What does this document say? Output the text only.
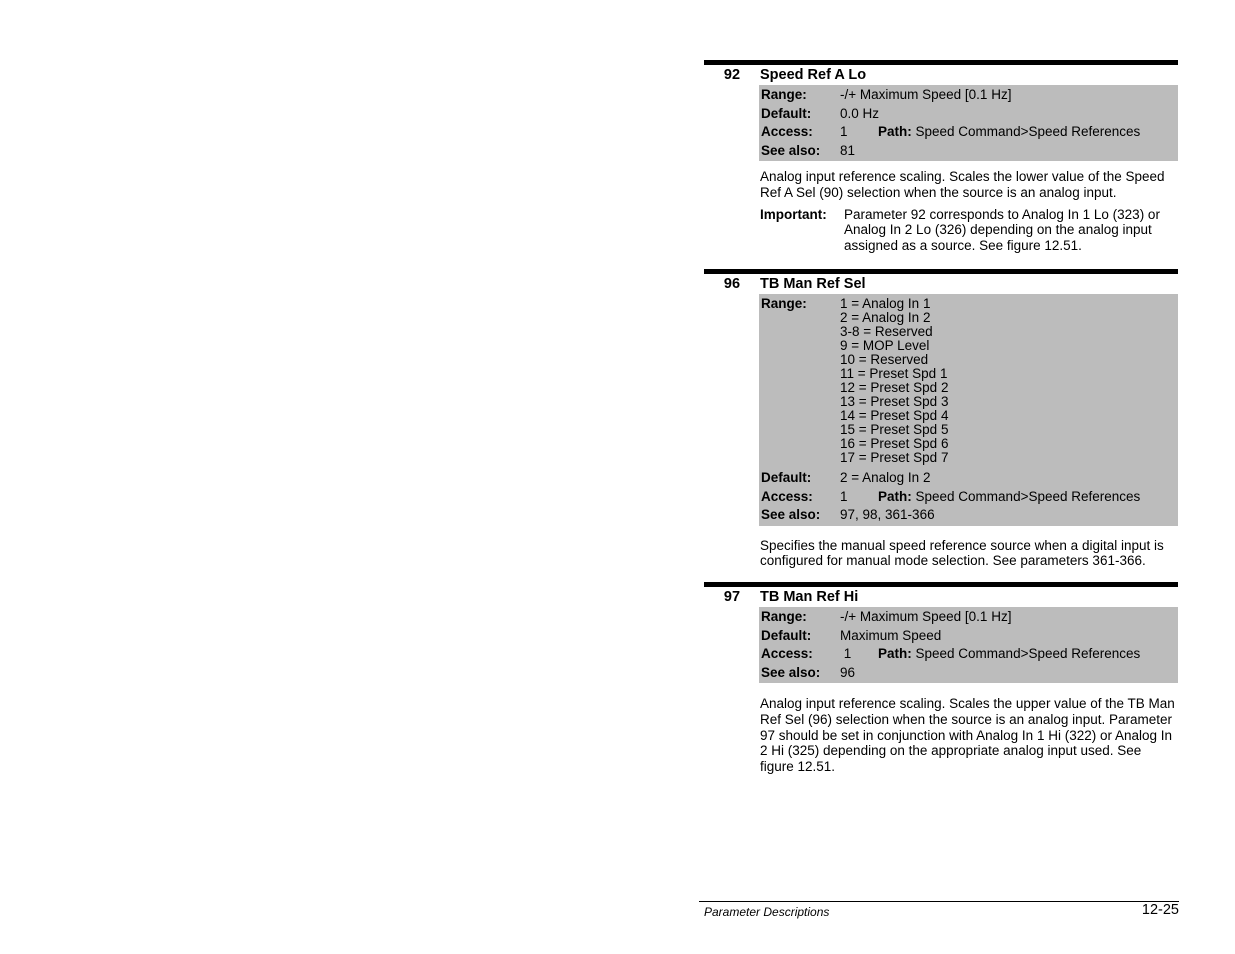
92	Speed Ref A Lo
Range:	-/+ Maximum Speed [0.1 Hz]
Default:	0.0 Hz
Access:	1 Path: Speed Command>Speed References
See also:	81
Analog input reference scaling. Scales the lower value of the Speed Ref A Sel (90) selection when the source is an analog input.
Important:	Parameter 92 corresponds to Analog In 1 Lo (323) or Analog In 2 Lo (326) depending on the analog input assigned as a source. See figure 12.51.
96	TB Man Ref Sel
Range:	1 = Analog In 1
2 = Analog In 2
3-8 = Reserved
9 = MOP Level
10 = Reserved
11 = Preset Spd 1
12 = Preset Spd 2
13 = Preset Spd 3
14 = Preset Spd 4
15 = Preset Spd 5
16 = Preset Spd 6
17 = Preset Spd 7
Default:	2 = Analog In 2
Access:	1 Path: Speed Command>Speed References
See also:	97, 98, 361-366
Specifies the manual speed reference source when a digital input is configured for manual mode selection. See parameters 361-366.
97	TB Man Ref Hi
Range:	-/+ Maximum Speed [0.1 Hz]
Default:	Maximum Speed
Access:	1 Path: Speed Command>Speed References
See also:	96
Analog input reference scaling. Scales the upper value of the TB Man Ref Sel (96) selection when the source is an analog input. Parameter 97 should be set in conjunction with Analog In 1 Hi (322) or Analog In 2 Hi (325) depending on the appropriate analog input used. See figure 12.51.
Parameter Descriptions	12-25
